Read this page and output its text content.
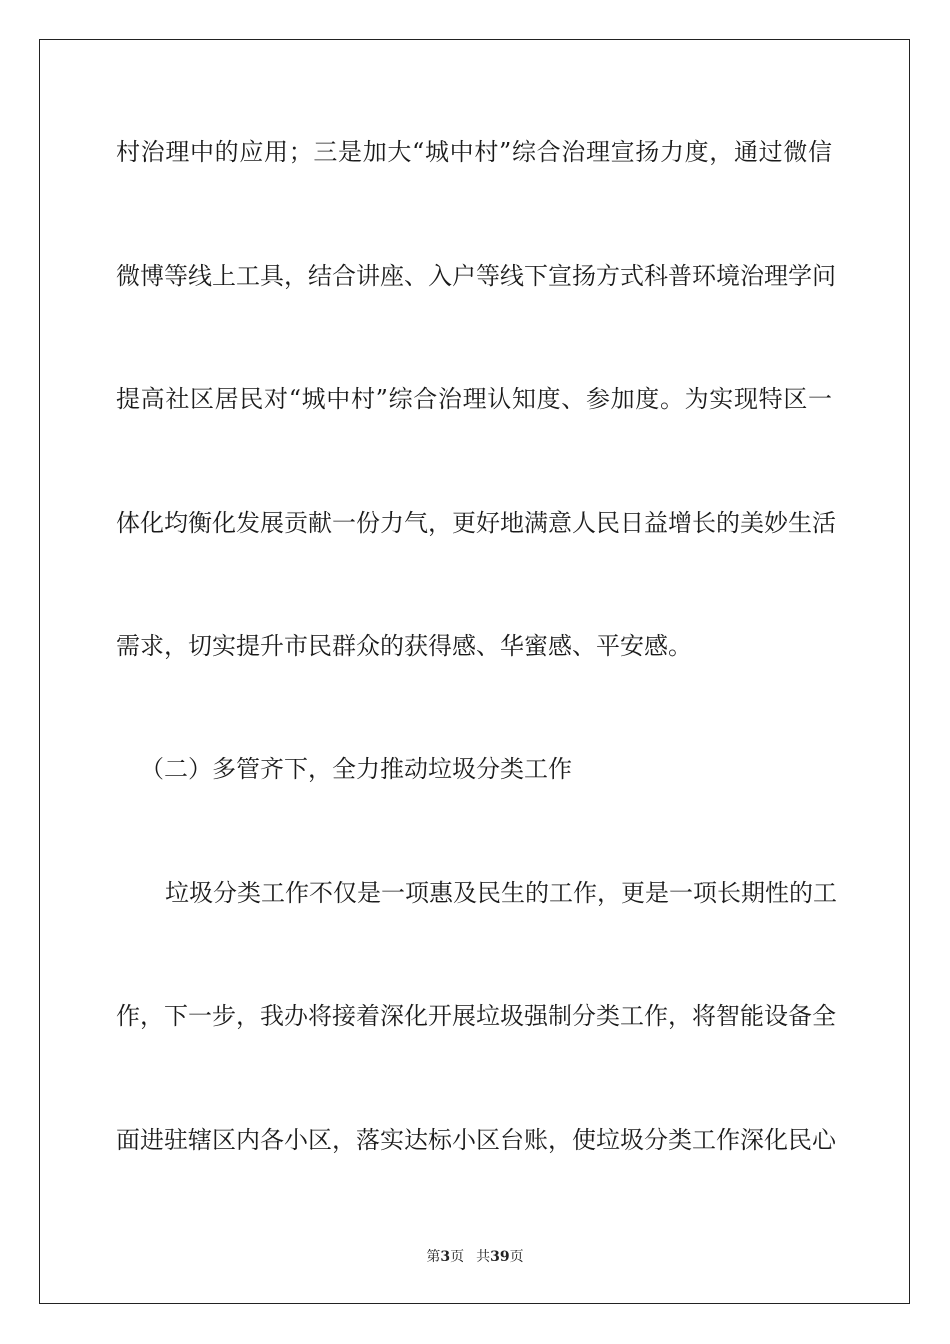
村治理中的应用；三是加大“城中村”综合治理宣扬力度，通过微信
微博等线上工具，结合讲座、入户等线下宣扬方式科普环境治理学问
提高社区居民对“城中村”综合治理认知度、参加度。为实现特区一
体化均衡化发展贡献一份力气，更好地满意人民日益增长的美妙生活
需求，切实提升市民群众的获得感、华蜜感、平安感。
（二）多管齐下，全力推动垃圾分类工作
垃圾分类工作不仅是一项惠及民生的工作，更是一项长期性的工
作，下一步，我办将接着深化开展垃圾强制分类工作，将智能设备全
面进驻辖区内各小区，落实达标小区台账，使垃圾分类工作深化民心
第3页 共39页
